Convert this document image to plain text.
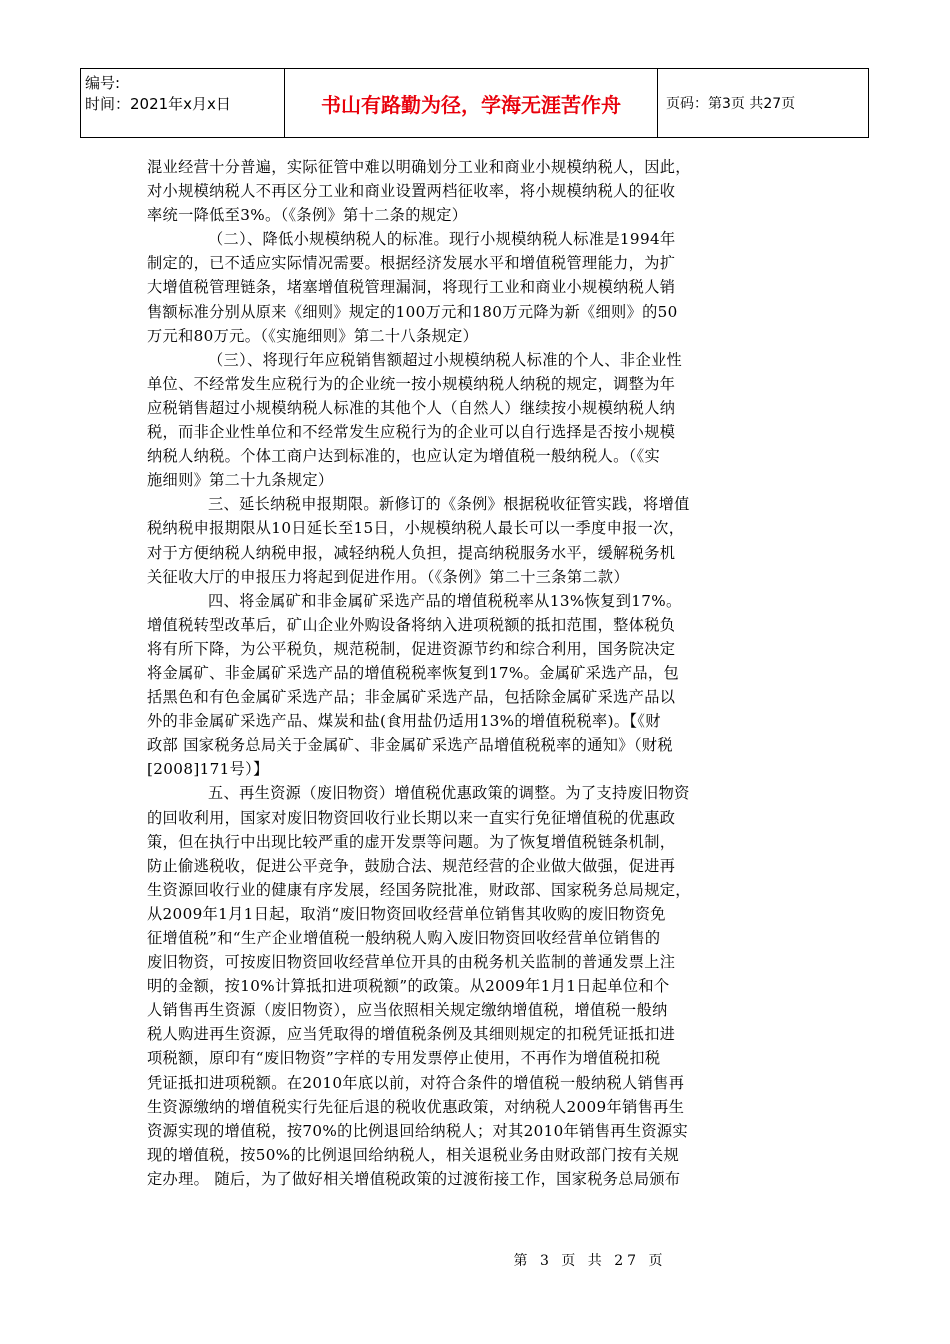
编号:
时间：2021年x月x日	书山有路勤为径，学海无涯苦作舟	页码：第3页 共27页
混业经营十分普遍，实际征管中难以明确划分工业和商业小规模纳税人，因此，
对小规模纳税人不再区分工业和商业设置两档征收率，将小规模纳税人的征收
率统一降低至3%。（《条例》第十二条的规定）
（二）、降低小规模纳税人的标准。现行小规模纳税人标准是1994年
制定的，已不适应实际情况需要。根据经济发展水平和增值税管理能力，为扩
大增值税管理链条，堵塞增值税管理漏洞，将现行工业和商业小规模纳税人销
售额标准分别从原来《细则》规定的100万元和180万元降为新《细则》的50
万元和80万元。（《实施细则》第二十八条规定）
（三）、将现行年应税销售额超过小规模纳税人标准的个人、非企业性
单位、不经常发生应税行为的企业统一按小规模纳税人纳税的规定，调整为年
应税销售超过小规模纳税人标准的其他个人（自然人）继续按小规模纳税人纳
税，而非企业性单位和不经常发生应税行为的企业可以自行选择是否按小规模
纳税人纳税。个体工商户达到标准的，也应认定为增值税一般纳税人。（《实
施细则》第二十九条规定）
三、延长纳税申报期限。新修订的《条例》根据税收征管实践，将增值
税纳税申报期限从10日延长至15日，小规模纳税人最长可以一季度申报一次，
对于方便纳税人纳税申报，减轻纳税人负担，提高纳税服务水平，缓解税务机
关征收大厅的申报压力将起到促进作用。（《条例》第二十三条第二款）
四、将金属矿和非金属矿采选产品的增值税税率从13%恢复到17%。
增值税转型改革后，矿山企业外购设备将纳入进项税额的抵扣范围，整体税负
将有所下降，为公平税负，规范税制，促进资源节约和综合利用，国务院决定
将金属矿、非金属矿采选产品的增值税税率恢复到17%。金属矿采选产品，包
括黑色和有色金属矿采选产品；非金属矿采选产品，包括除金属矿采选产品以
外的非金属矿采选产品、煤炭和盐(食用盐仍适用13%的增值税税率)。【《财
政部 国家税务总局关于金属矿、非金属矿采选产品增值税税率的通知》（财税
[2008]171号）】
五、再生资源（废旧物资）增值税优惠政策的调整。为了支持废旧物资
的回收利用，国家对废旧物资回收行业长期以来一直实行免征增值税的优惠政
策，但在执行中出现比较严重的虚开发票等问题。为了恢复增值税链条机制，
防止偷逃税收，促进公平竞争，鼓励合法、规范经营的企业做大做强，促进再
生资源回收行业的健康有序发展，经国务院批准，财政部、国家税务总局规定，
从2009年1月1日起，取消“废旧物资回收经营单位销售其收购的废旧物资免
征增值税”和“生产企业增值税一般纳税人购入废旧物资回收经营单位销售的
废旧物资，可按废旧物资回收经营单位开具的由税务机关监制的普通发票上注
明的金额，按10%计算抵扣进项税额”的政策。从2009年1月1日起单位和个
人销售再生资源（废旧物资），应当依照相关规定缴纳增值税，增值税一般纳
税人购进再生资源，应当凭取得的增值税条例及其细则规定的扣税凭证抵扣进
项税额，原印有“废旧物资”字样的专用发票停止使用，不再作为增值税扣税
凭证抵扣进项税额。在2010年底以前，对符合条件的增值税一般纳税人销售再
生资源缴纳的增值税实行先征后退的税收优惠政策，对纳税人2009年销售再生
资源实现的增值税，按70%的比例退回给纳税人；对其2010年销售再生资源实
现的增值税，按50%的比例退回给纳税人，相关退税业务由财政部门按有关规
定办理。 随后，为了做好相关增值税政策的过渡衔接工作，国家税务总局颁布
第 3 页 共 27 页
